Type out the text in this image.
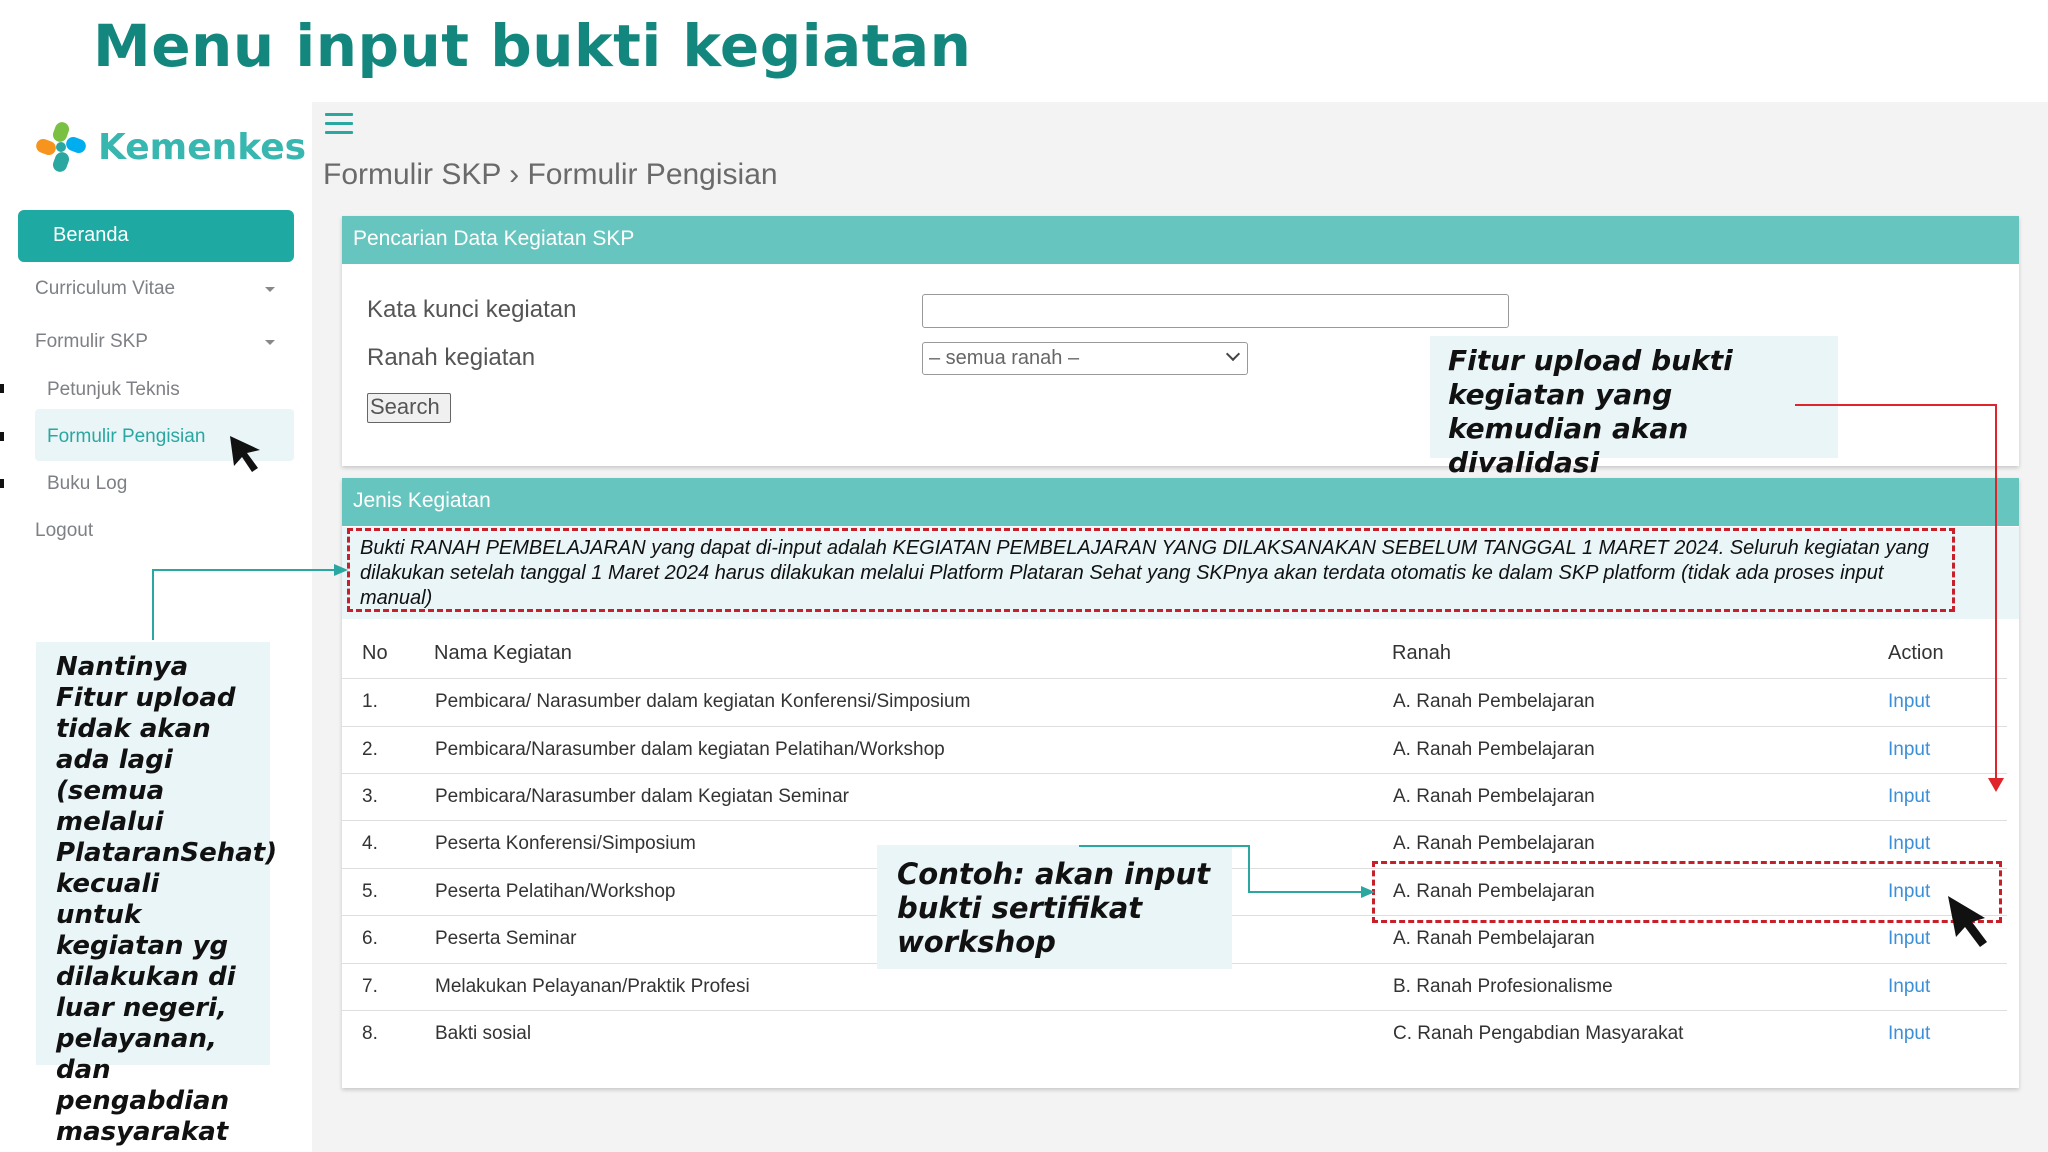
Menu input bukti kegiatan
Kemenkes
Beranda
Curriculum Vitae
Formulir SKP
Petunjuk Teknis
Formulir Pengisian
Buku Log
Logout
Formulir SKP › Formulir Pengisian
Pencarian Data Kegiatan SKP
Kata kunci kegiatan
Ranah kegiatan	– semua ranah –
Search
Jenis Kegiatan
Bukti RANAH PEMBELAJARAN yang dapat di-input adalah KEGIATAN PEMBELAJARAN YANG DILAKSANAKAN SEBELUM TANGGAL 1 MARET 2024. Seluruh kegiatan yang dilakukan setelah tanggal 1 Maret 2024 harus dilakukan melalui Platform Plataran Sehat yang SKPnya akan terdata otomatis ke dalam SKP platform (tidak ada proses input manual)
No Nama Kegiatan	Ranah	Action
1.	Pembicara/ Narasumber dalam kegiatan Konferensi/Simposium	A. Ranah Pembelajaran	Input
2.	Pembicara/Narasumber dalam kegiatan Pelatihan/Workshop	A. Ranah Pembelajaran	Input
3.	Pembicara/Narasumber dalam Kegiatan Seminar	A. Ranah Pembelajaran	Input
4.	Peserta Konferensi/Simposium	A. Ranah Pembelajaran	Input
5.	Peserta Pelatihan/Workshop	A. Ranah Pembelajaran	Input
6.	Peserta Seminar	A. Ranah Pembelajaran	Input
7.	Melakukan Pelayanan/Praktik Profesi	B. Ranah Profesionalisme	Input
8.	Bakti sosial	C. Ranah Pengabdian Masyarakat	Input
Fitur upload bukti kegiatan yang kemudian akan divalidasi
Nantinya Fitur upload tidak akan ada lagi (semua melalui PlataranSehat) kecuali untuk kegiatan yg dilakukan di luar negeri, pelayanan, dan pengabdian masyarakat
Contoh: akan input bukti sertifikat workshop
